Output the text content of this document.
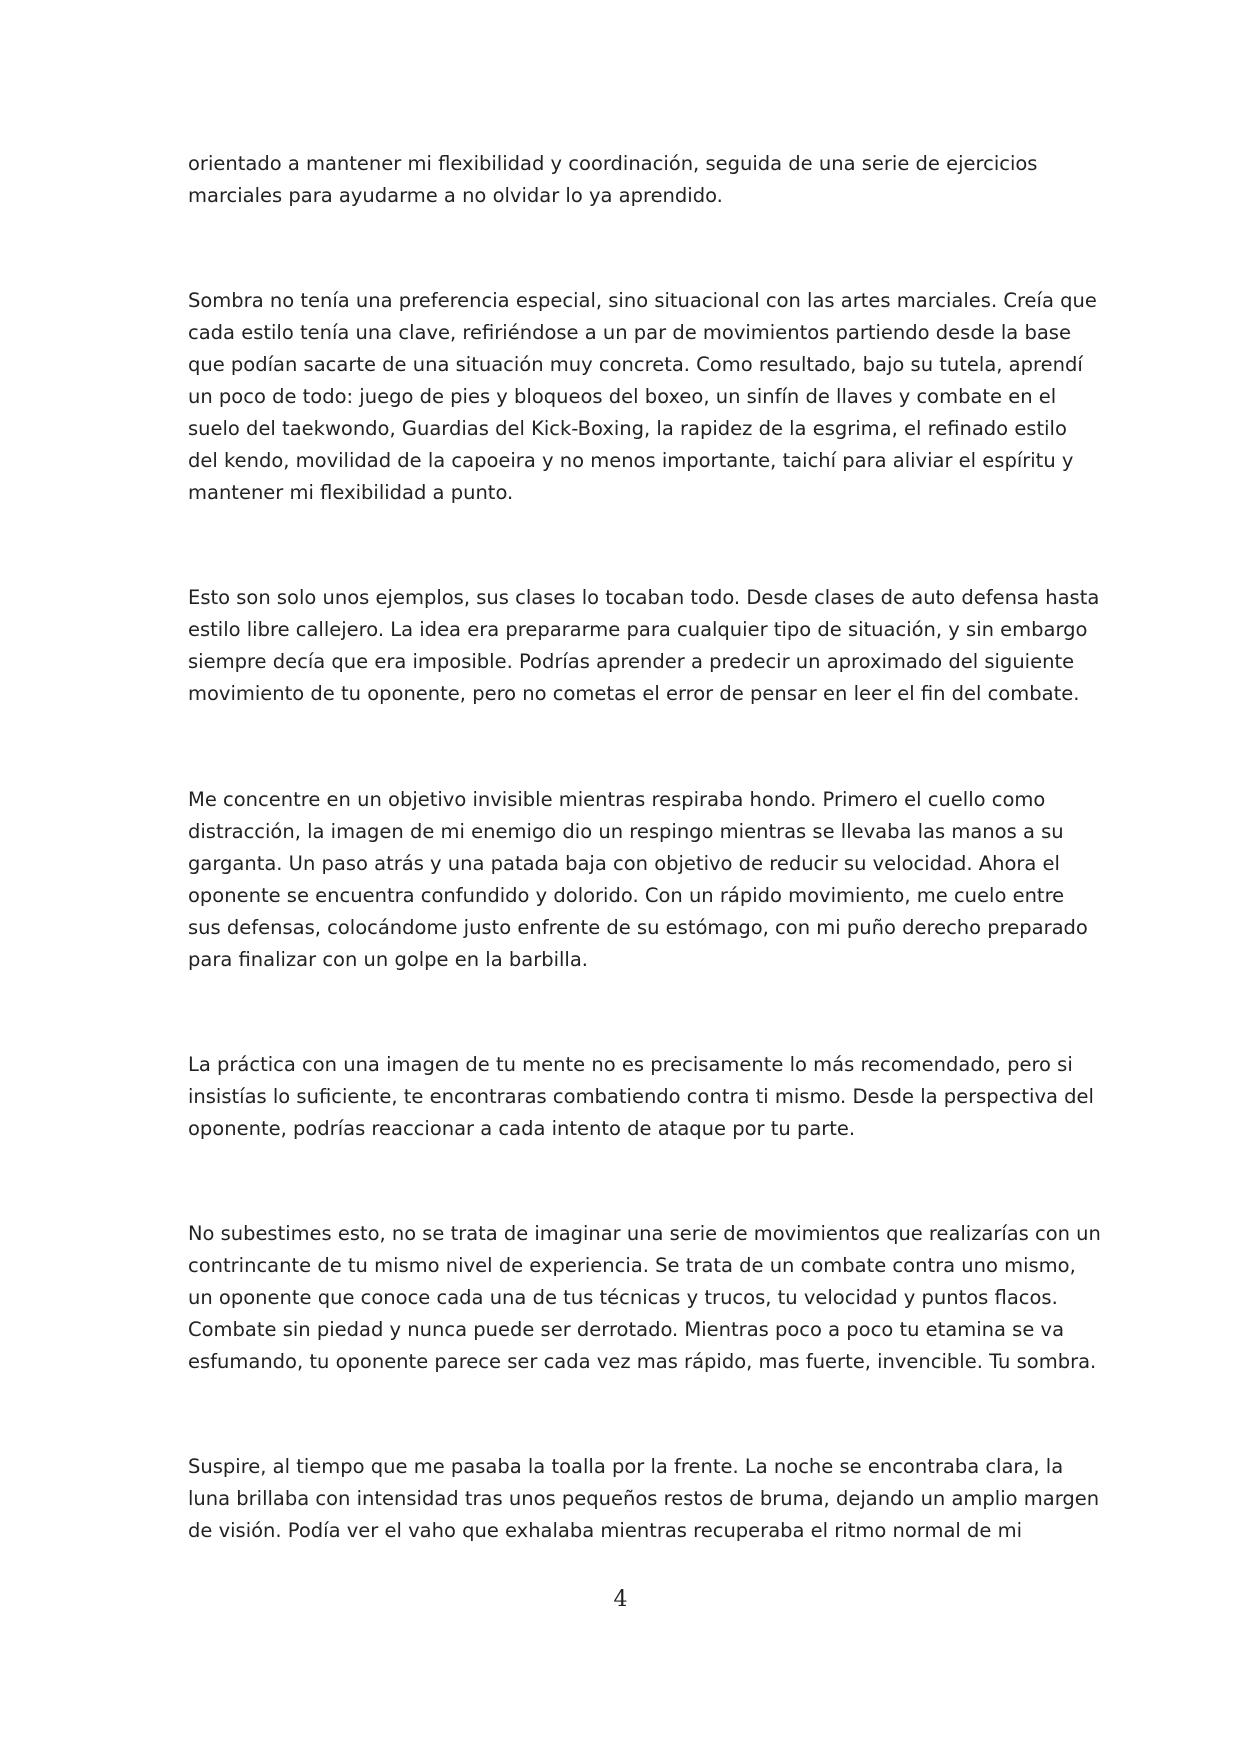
orientado a mantener mi flexibilidad y coordinación, seguida de una serie de ejercicios

marciales para ayudarme a no olvidar lo ya aprendido.

Sombra no tenía una preferencia especial, sino situacional con las artes marciales. Creía que

cada estilo tenía una clave, refiriéndose a un par de movimientos partiendo desde la base

que podían sacarte de una situación muy concreta. Como resultado, bajo su tutela, aprendí

un poco de todo: juego de pies y bloqueos del boxeo, un sinfín de llaves y combate en el

suelo del taekwondo, Guardias del Kick-Boxing, la rapidez de la esgrima, el refinado estilo

del kendo, movilidad de la capoeira y no menos importante, taichí para aliviar el espíritu y

mantener mi flexibilidad a punto.

Esto son solo unos ejemplos, sus clases lo tocaban todo. Desde clases de auto defensa hasta

estilo libre callejero. La idea era prepararme para cualquier tipo de situación, y sin embargo

siempre decía que era imposible. Podrías aprender a predecir un aproximado del siguiente

movimiento de tu oponente, pero no cometas el error de pensar en leer el fin del combate.

Me concentre en un objetivo invisible mientras respiraba hondo. Primero el cuello como

distracción, la imagen de mi enemigo dio un respingo mientras se llevaba las manos a su

garganta. Un paso atrás y una patada baja con objetivo de reducir su velocidad. Ahora el

oponente se encuentra confundido y dolorido. Con un rápido movimiento, me cuelo entre

sus defensas, colocándome justo enfrente de su estómago, con mi puño derecho preparado

para finalizar con un golpe en la barbilla.

La práctica con una imagen de tu mente no es precisamente lo más recomendado, pero si

insistías lo suficiente, te encontraras combatiendo contra ti mismo. Desde la perspectiva del

oponente, podrías reaccionar a cada intento de ataque por tu parte.

No subestimes esto, no se trata de imaginar una serie de movimientos que realizarías con un

contrincante de tu mismo nivel de experiencia. Se trata de un combate contra uno mismo,

un oponente que conoce cada una de tus técnicas y trucos, tu velocidad y puntos flacos.

Combate sin piedad y nunca puede ser derrotado. Mientras poco a poco tu etamina se va

esfumando, tu oponente parece ser cada vez mas rápido, mas fuerte, invencible. Tu sombra.

Suspire, al tiempo que me pasaba la toalla por la frente. La noche se encontraba clara, la

luna brillaba con intensidad tras unos pequeños restos de bruma, dejando un amplio margen

de visión. Podía ver el vaho que exhalaba mientras recuperaba el ritmo normal de mi

4
